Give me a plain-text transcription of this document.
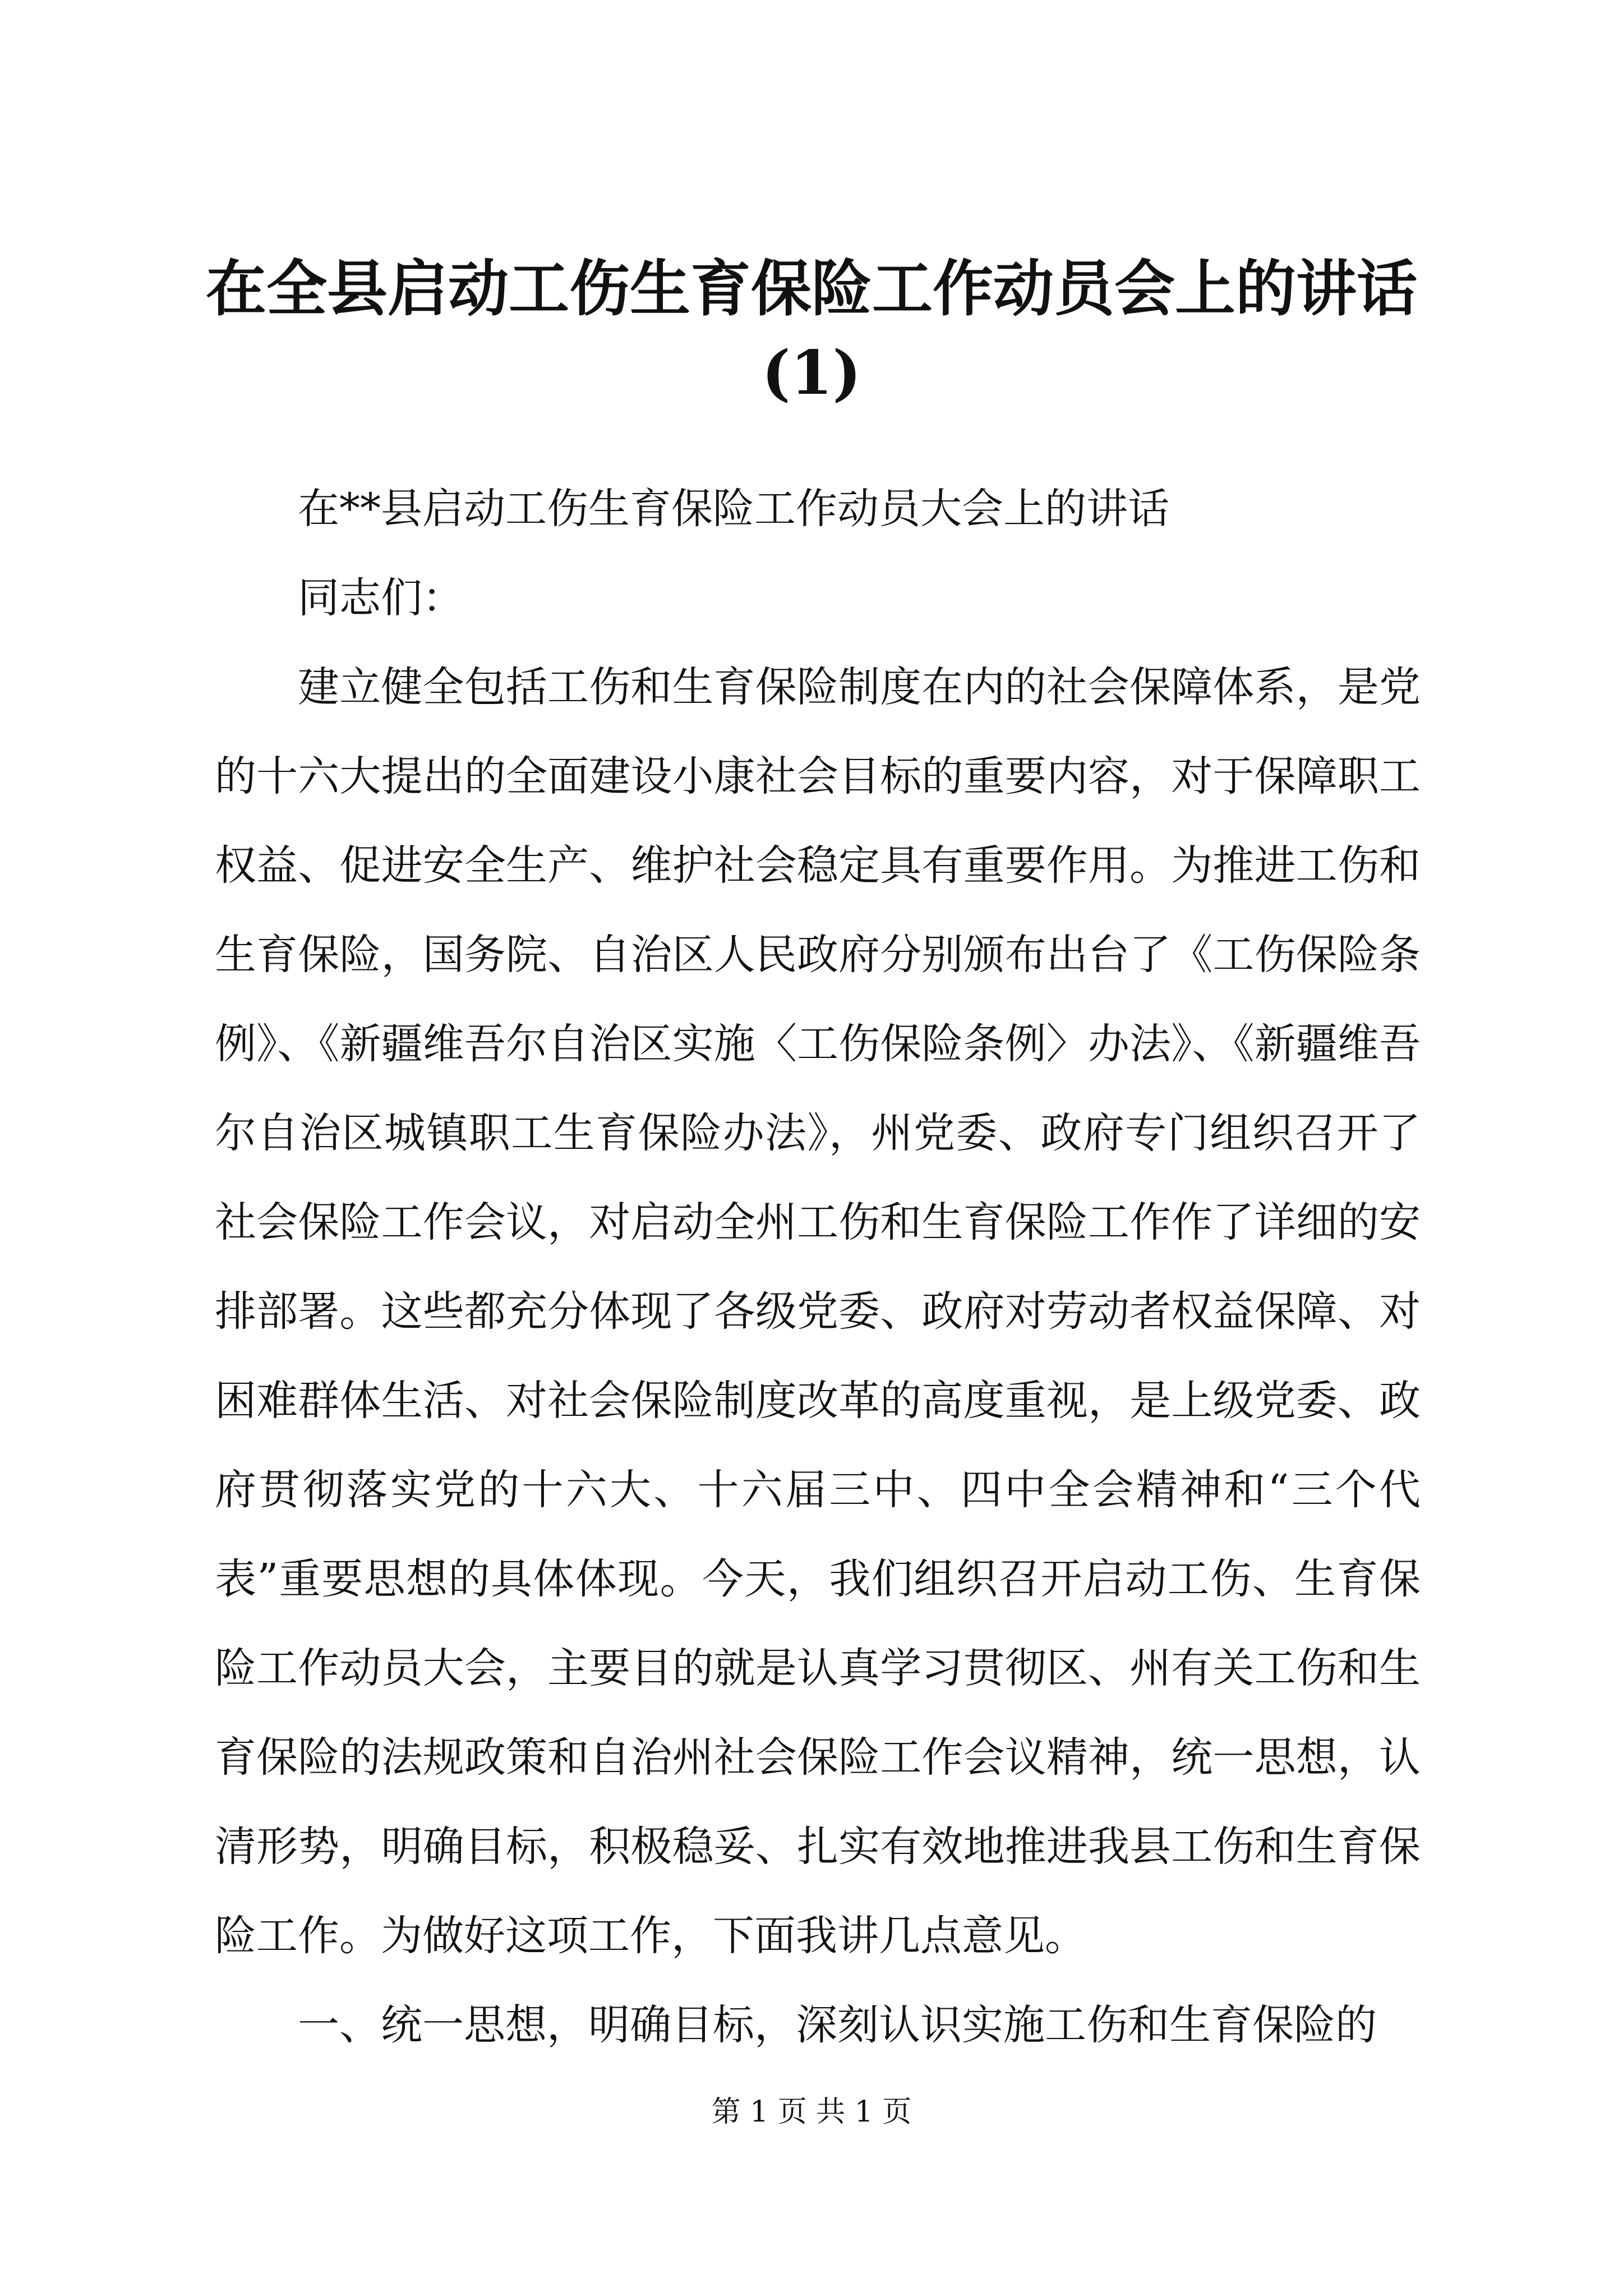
在全县启动工伤生育保险工作动员会上的讲话
(1)

在**县启动工伤生育保险工作动员大会上的讲话

同志们：

建立健全包括工伤和生育保险制度在内的社会保障体系，是党的十六大提出的全面建设小康社会目标的重要内容，对于保障职工权益、促进安全生产、维护社会稳定具有重要作用。为推进工伤和生育保险，国务院、自治区人民政府分别颁布出台了《工伤保险条例》、《新疆维吾尔自治区实施〈工伤保险条例〉办法》、《新疆维吾尔自治区城镇职工生育保险办法》，州党委、政府专门组织召开了社会保险工作会议，对启动全州工伤和生育保险工作作了详细的安排部署。这些都充分体现了各级党委、政府对劳动者权益保障、对困难群体生活、对社会保险制度改革的高度重视，是上级党委、政府贯彻落实党的十六大、十六届三中、四中全会精神和“三个代表”重要思想的具体体现。今天，我们组织召开启动工伤、生育保险工作动员大会，主要目的就是认真学习贯彻区、州有关工伤和生育保险的法规政策和自治州社会保险工作会议精神，统一思想，认清形势，明确目标，积极稳妥、扎实有效地推进我县工伤和生育保险工作。为做好这项工作，下面我讲几点意见。

一、统一思想，明确目标，深刻认识实施工伤和生育保险的

第 1 页 共 1 页
